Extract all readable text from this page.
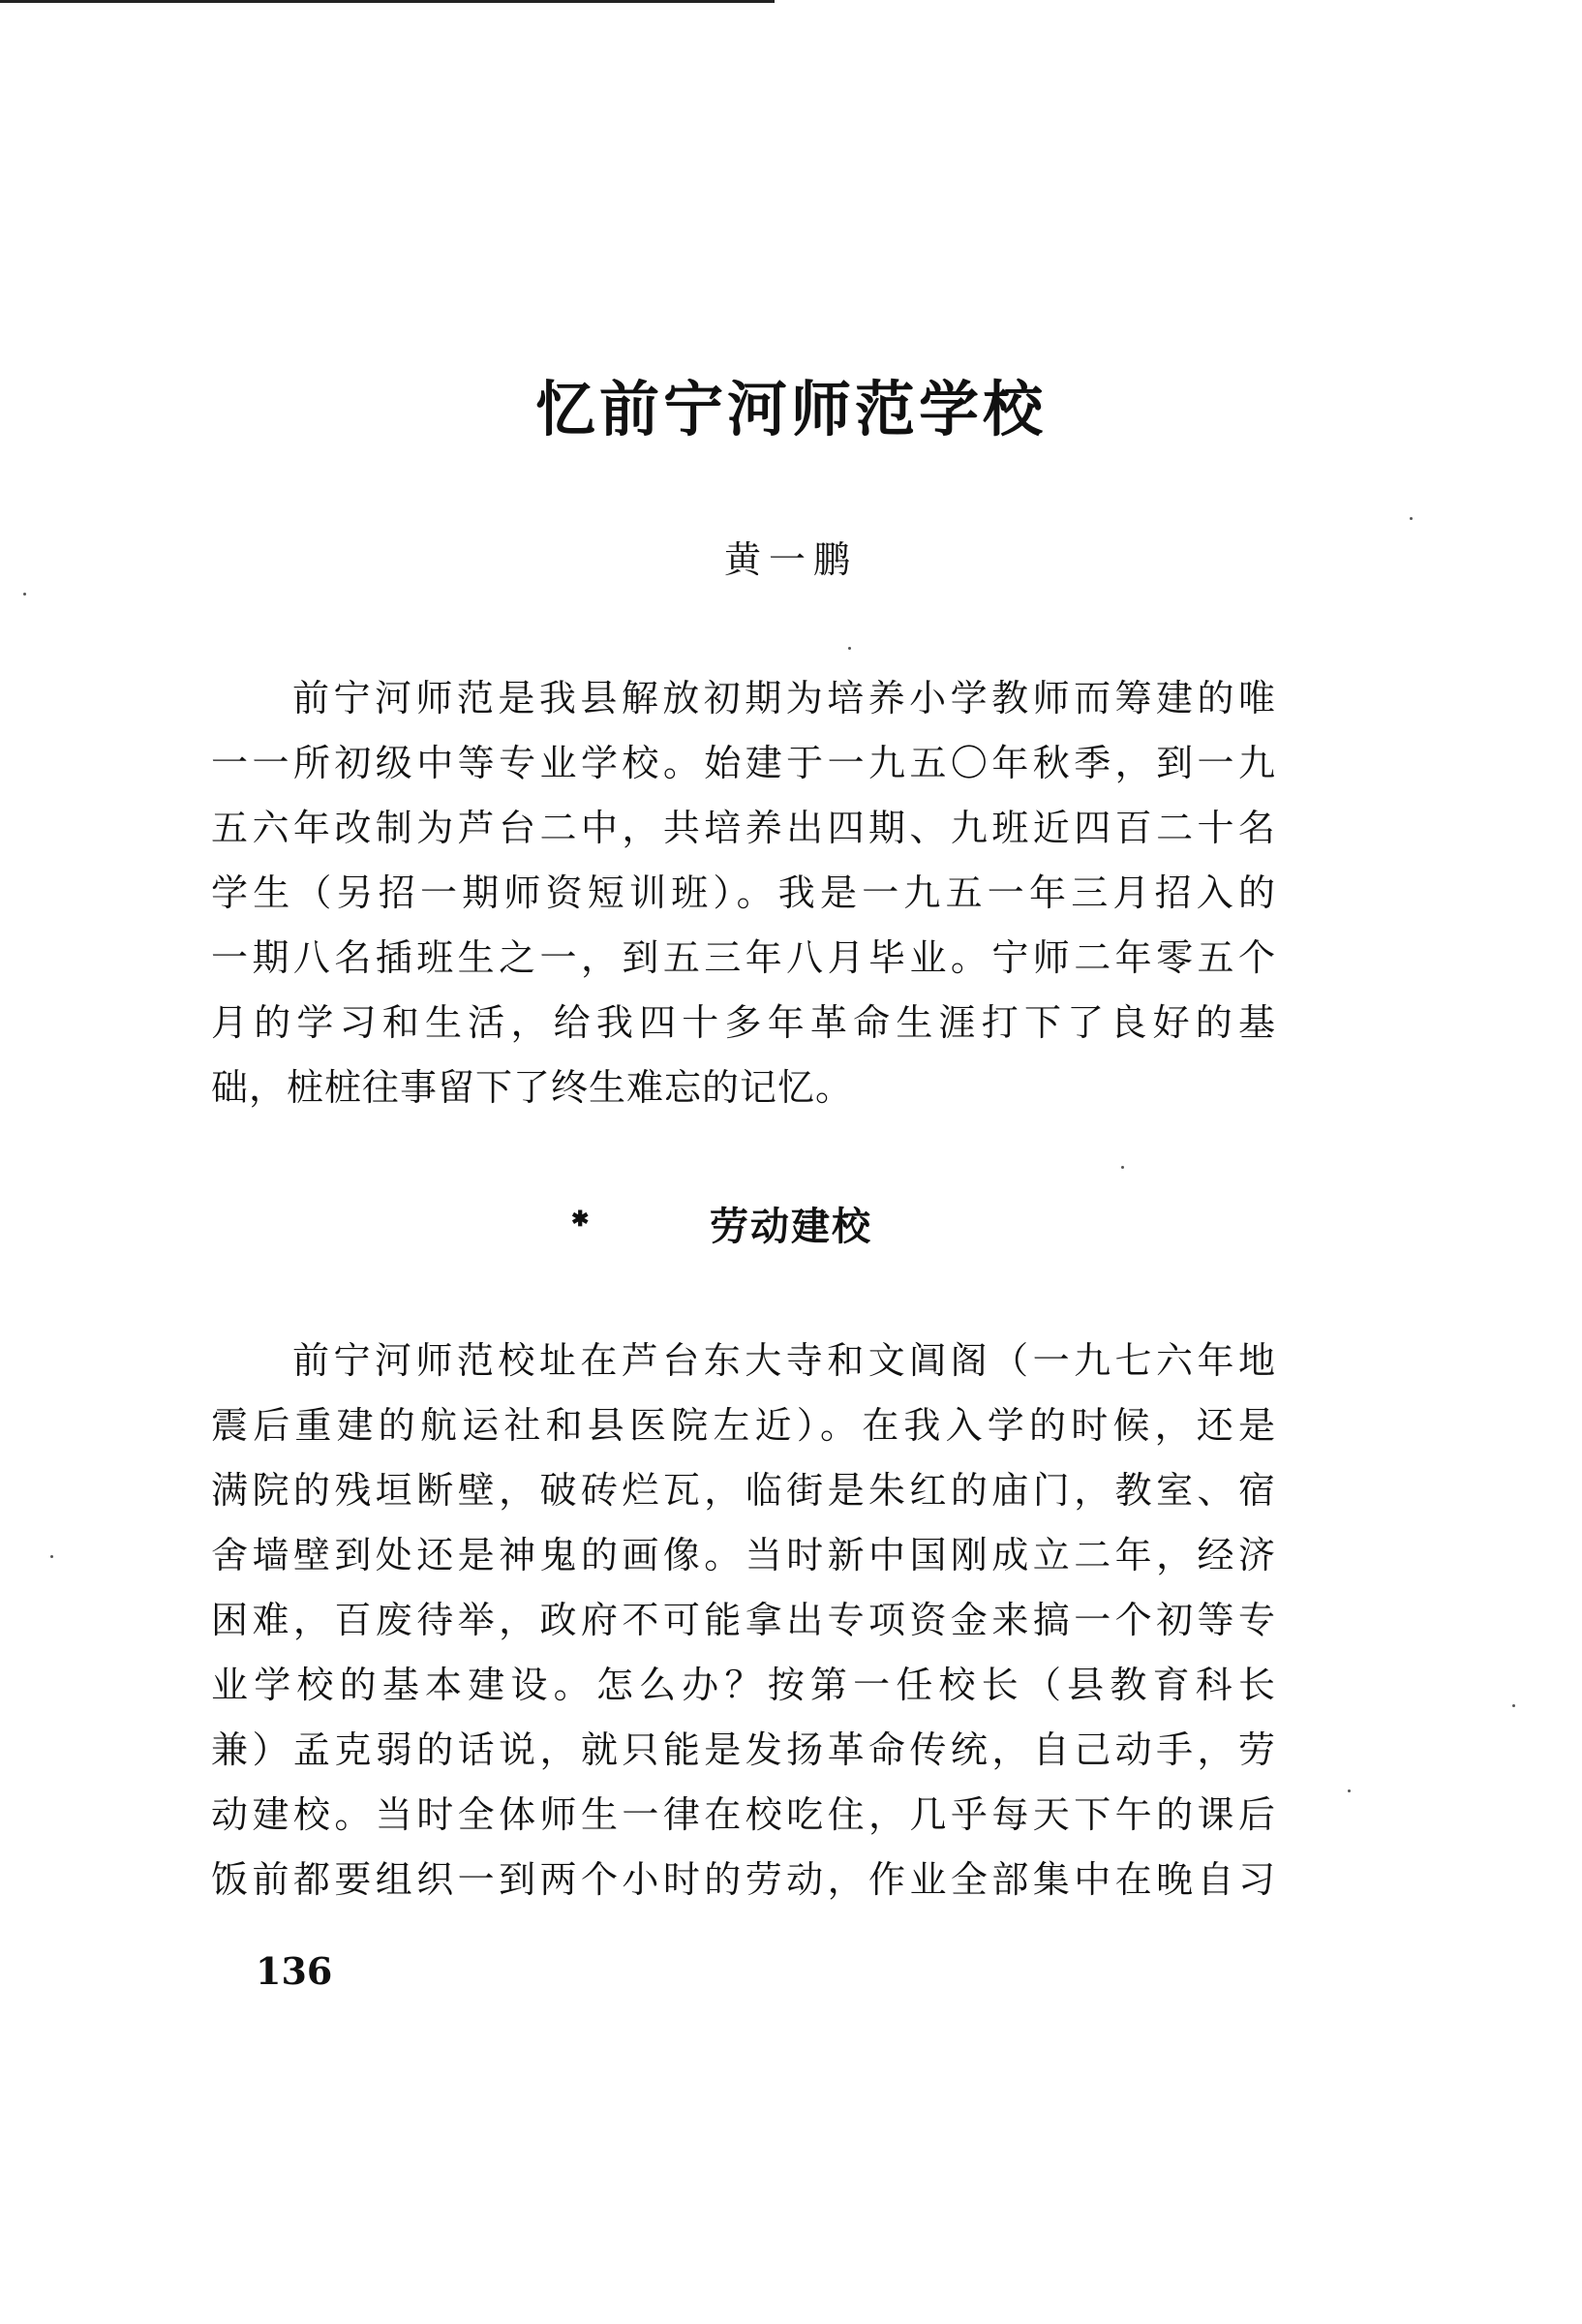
忆前宁河师范学校
黄一鹏
前宁河师范是我县解放初期为培养小学教师而筹建的唯
一一所初级中等专业学校。始建于一九五〇年秋季，到一九
五六年改制为芦台二中，共培养出四期、九班近四百二十名
学生（另招一期师资短训班）。我是一九五一年三月招入的
一期八名插班生之一，到五三年八月毕业。宁师二年零五个
月的学习和生活，给我四十多年革命生涯打下了良好的基
础，桩桩往事留下了终生难忘的记忆。
✱	劳动建校
前宁河师范校址在芦台东大寺和文阊阁（一九七六年地
震后重建的航运社和县医院左近）。在我入学的时候，还是
满院的残垣断壁，破砖烂瓦，临街是朱红的庙门，教室、宿
舍墙壁到处还是神鬼的画像。当时新中国刚成立二年，经济
困难，百废待举，政府不可能拿出专项资金来搞一个初等专
业学校的基本建设。怎么办？按第一任校长（县教育科长
兼）孟克弱的话说，就只能是发扬革命传统，自己动手，劳
动建校。当时全体师生一律在校吃住，几乎每天下午的课后
饭前都要组织一到两个小时的劳动，作业全部集中在晚自习
136
